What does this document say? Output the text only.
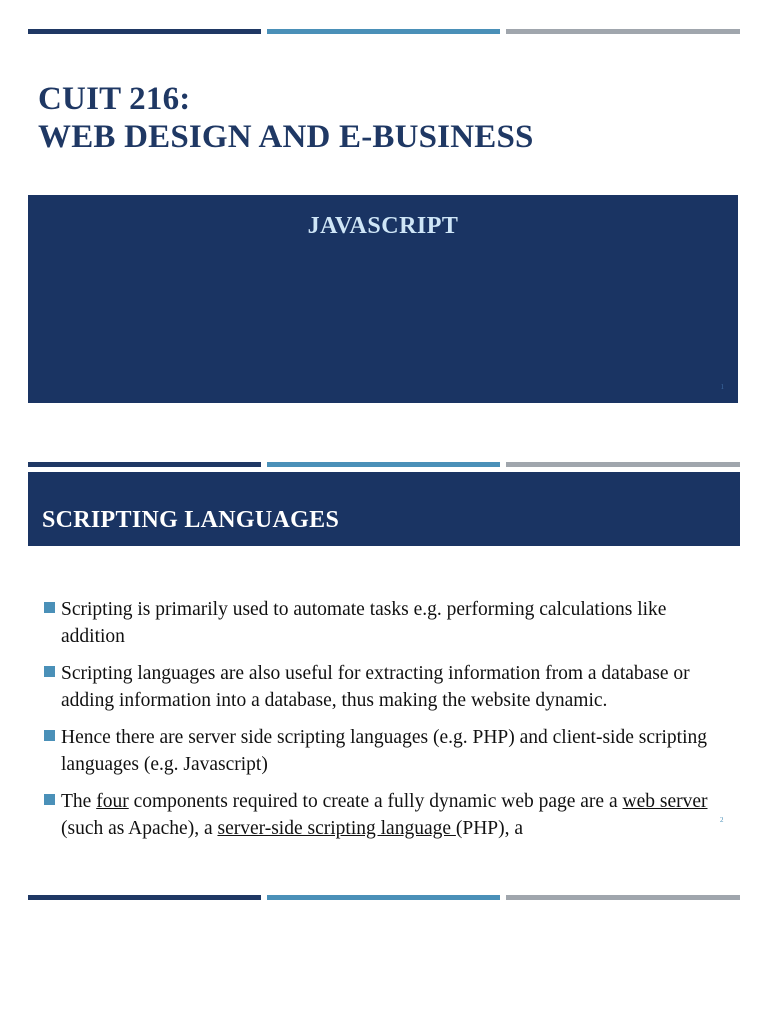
CUIT 216:
WEB DESIGN AND E-BUSINESS
JAVASCRIPT
1
SCRIPTING LANGUAGES
Scripting is primarily used to automate tasks e.g. performing calculations like addition
Scripting languages are also useful for extracting information from a database or adding information into a database, thus making the website dynamic.
Hence there are server side scripting languages (e.g. PHP) and client-side scripting languages (e.g. Javascript)
The four components required to create a fully dynamic web page are a web server (such as Apache), a server-side scripting language (PHP), a	2
